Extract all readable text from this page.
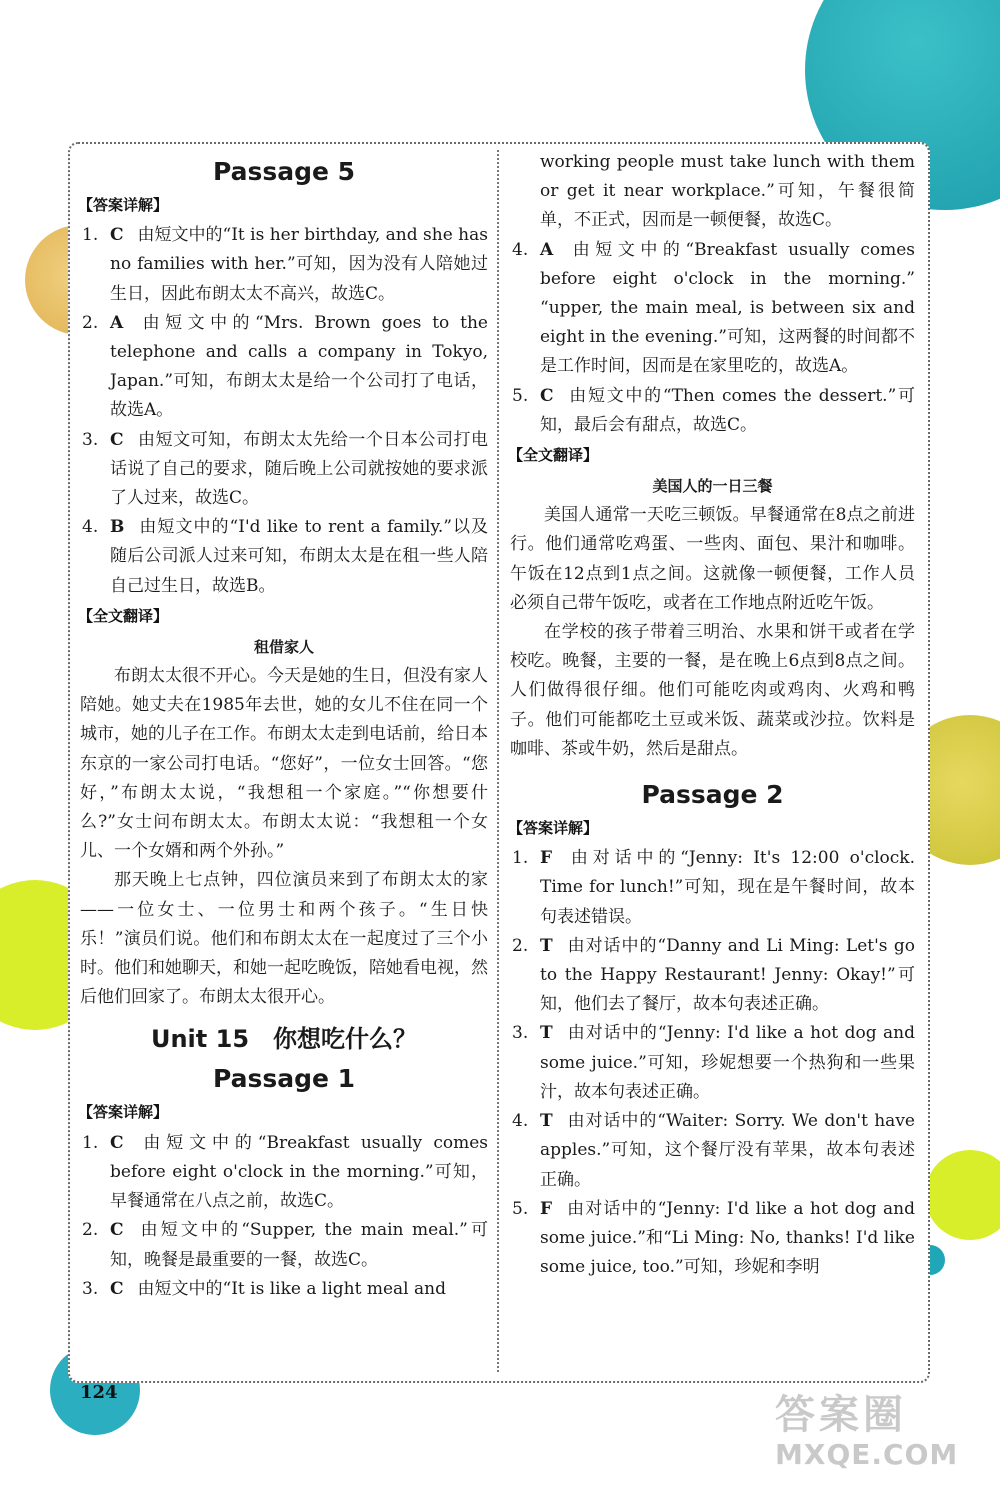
Passage 5
【答案详解】
1. C 由短文中的“It is her birthday, and she has no families with her.”可知，因为没有人陪她过生日，因此布朗太太不高兴，故选C。
2. A 由短文中的“Mrs. Brown goes to the telephone and calls a company in Tokyo, Japan.”可知，布朗太太是给一个公司打了电话，故选A。
3. C 由短文可知，布朗太太先给一个日本公司打电话说了自己的要求，随后晚上公司就按她的要求派了人过来，故选C。
4. B 由短文中的“I'd like to rent a family.”以及随后公司派人过来可知，布朗太太是在租一些人陪自己过生日，故选B。
【全文翻译】
租借家人
布朗太太很不开心。今天是她的生日，但没有家人陪她。她丈夫在1985年去世，她的女儿不住在同一个城市，她的儿子在工作。布朗太太走到电话前，给日本东京的一家公司打电话。“您好”，一位女士回答。“您好，”布朗太太说，“我想租一个家庭。”“你想要什么?”女士问布朗太太。布朗太太说：“我想租一个女儿、一个女婿和两个外孙。”
那天晚上七点钟，四位演员来到了布朗太太的家——一位女士、一位男士和两个孩子。“生日快乐！”演员们说。他们和布朗太太在一起度过了三个小时。他们和她聊天，和她一起吃晚饭，陪她看电视，然后他们回家了。布朗太太很开心。
Unit 15　你想吃什么？
Passage 1
【答案详解】
1. C 由短文中的“Breakfast usually comes before eight o'clock in the morning.”可知，早餐通常在八点之前，故选C。
2. C 由短文中的“Supper, the main meal.”可知，晚餐是最重要的一餐，故选C。
3. C 由短文中的“It is like a light meal and
working people must take lunch with them or get it near workplace.”可知，午餐很简单，不正式，因而是一顿便餐，故选C。
4. A 由短文中的“Breakfast usually comes before eight o'clock in the morning.” “upper, the main meal, is between six and eight in the evening.”可知，这两餐的时间都不是工作时间，因而是在家里吃的，故选A。
5. C 由短文中的“Then comes the dessert.”可知，最后会有甜点，故选C。
【全文翻译】
美国人的一日三餐
美国人通常一天吃三顿饭。早餐通常在8点之前进行。他们通常吃鸡蛋、一些肉、面包、果汁和咖啡。午饭在12点到1点之间。这就像一顿便餐，工作人员必须自己带午饭吃，或者在工作地点附近吃午饭。
在学校的孩子带着三明治、水果和饼干或者在学校吃。晚餐，主要的一餐，是在晚上6点到8点之间。人们做得很仔细。他们可能吃肉或鸡肉、火鸡和鸭子。他们可能都吃土豆或米饭、蔬菜或沙拉。饮料是咖啡、茶或牛奶，然后是甜点。
Passage 2
【答案详解】
1. F 由对话中的“Jenny: It's 12:00 o'clock. Time for lunch!”可知，现在是午餐时间，故本句表述错误。
2. T 由对话中的“Danny and Li Ming: Let's go to the Happy Restaurant! Jenny: Okay!”可知，他们去了餐厅，故本句表述正确。
3. T 由对话中的“Jenny: I'd like a hot dog and some juice.”可知，珍妮想要一个热狗和一些果汁，故本句表述正确。
4. T 由对话中的“Waiter: Sorry. We don't have apples.”可知，这个餐厅没有苹果，故本句表述正确。
5. F 由对话中的“Jenny: I'd like a hot dog and some juice.”和“Li Ming: No, thanks! I'd like some juice, too.”可知，珍妮和李明
124	答案圈
MXQE.COM
